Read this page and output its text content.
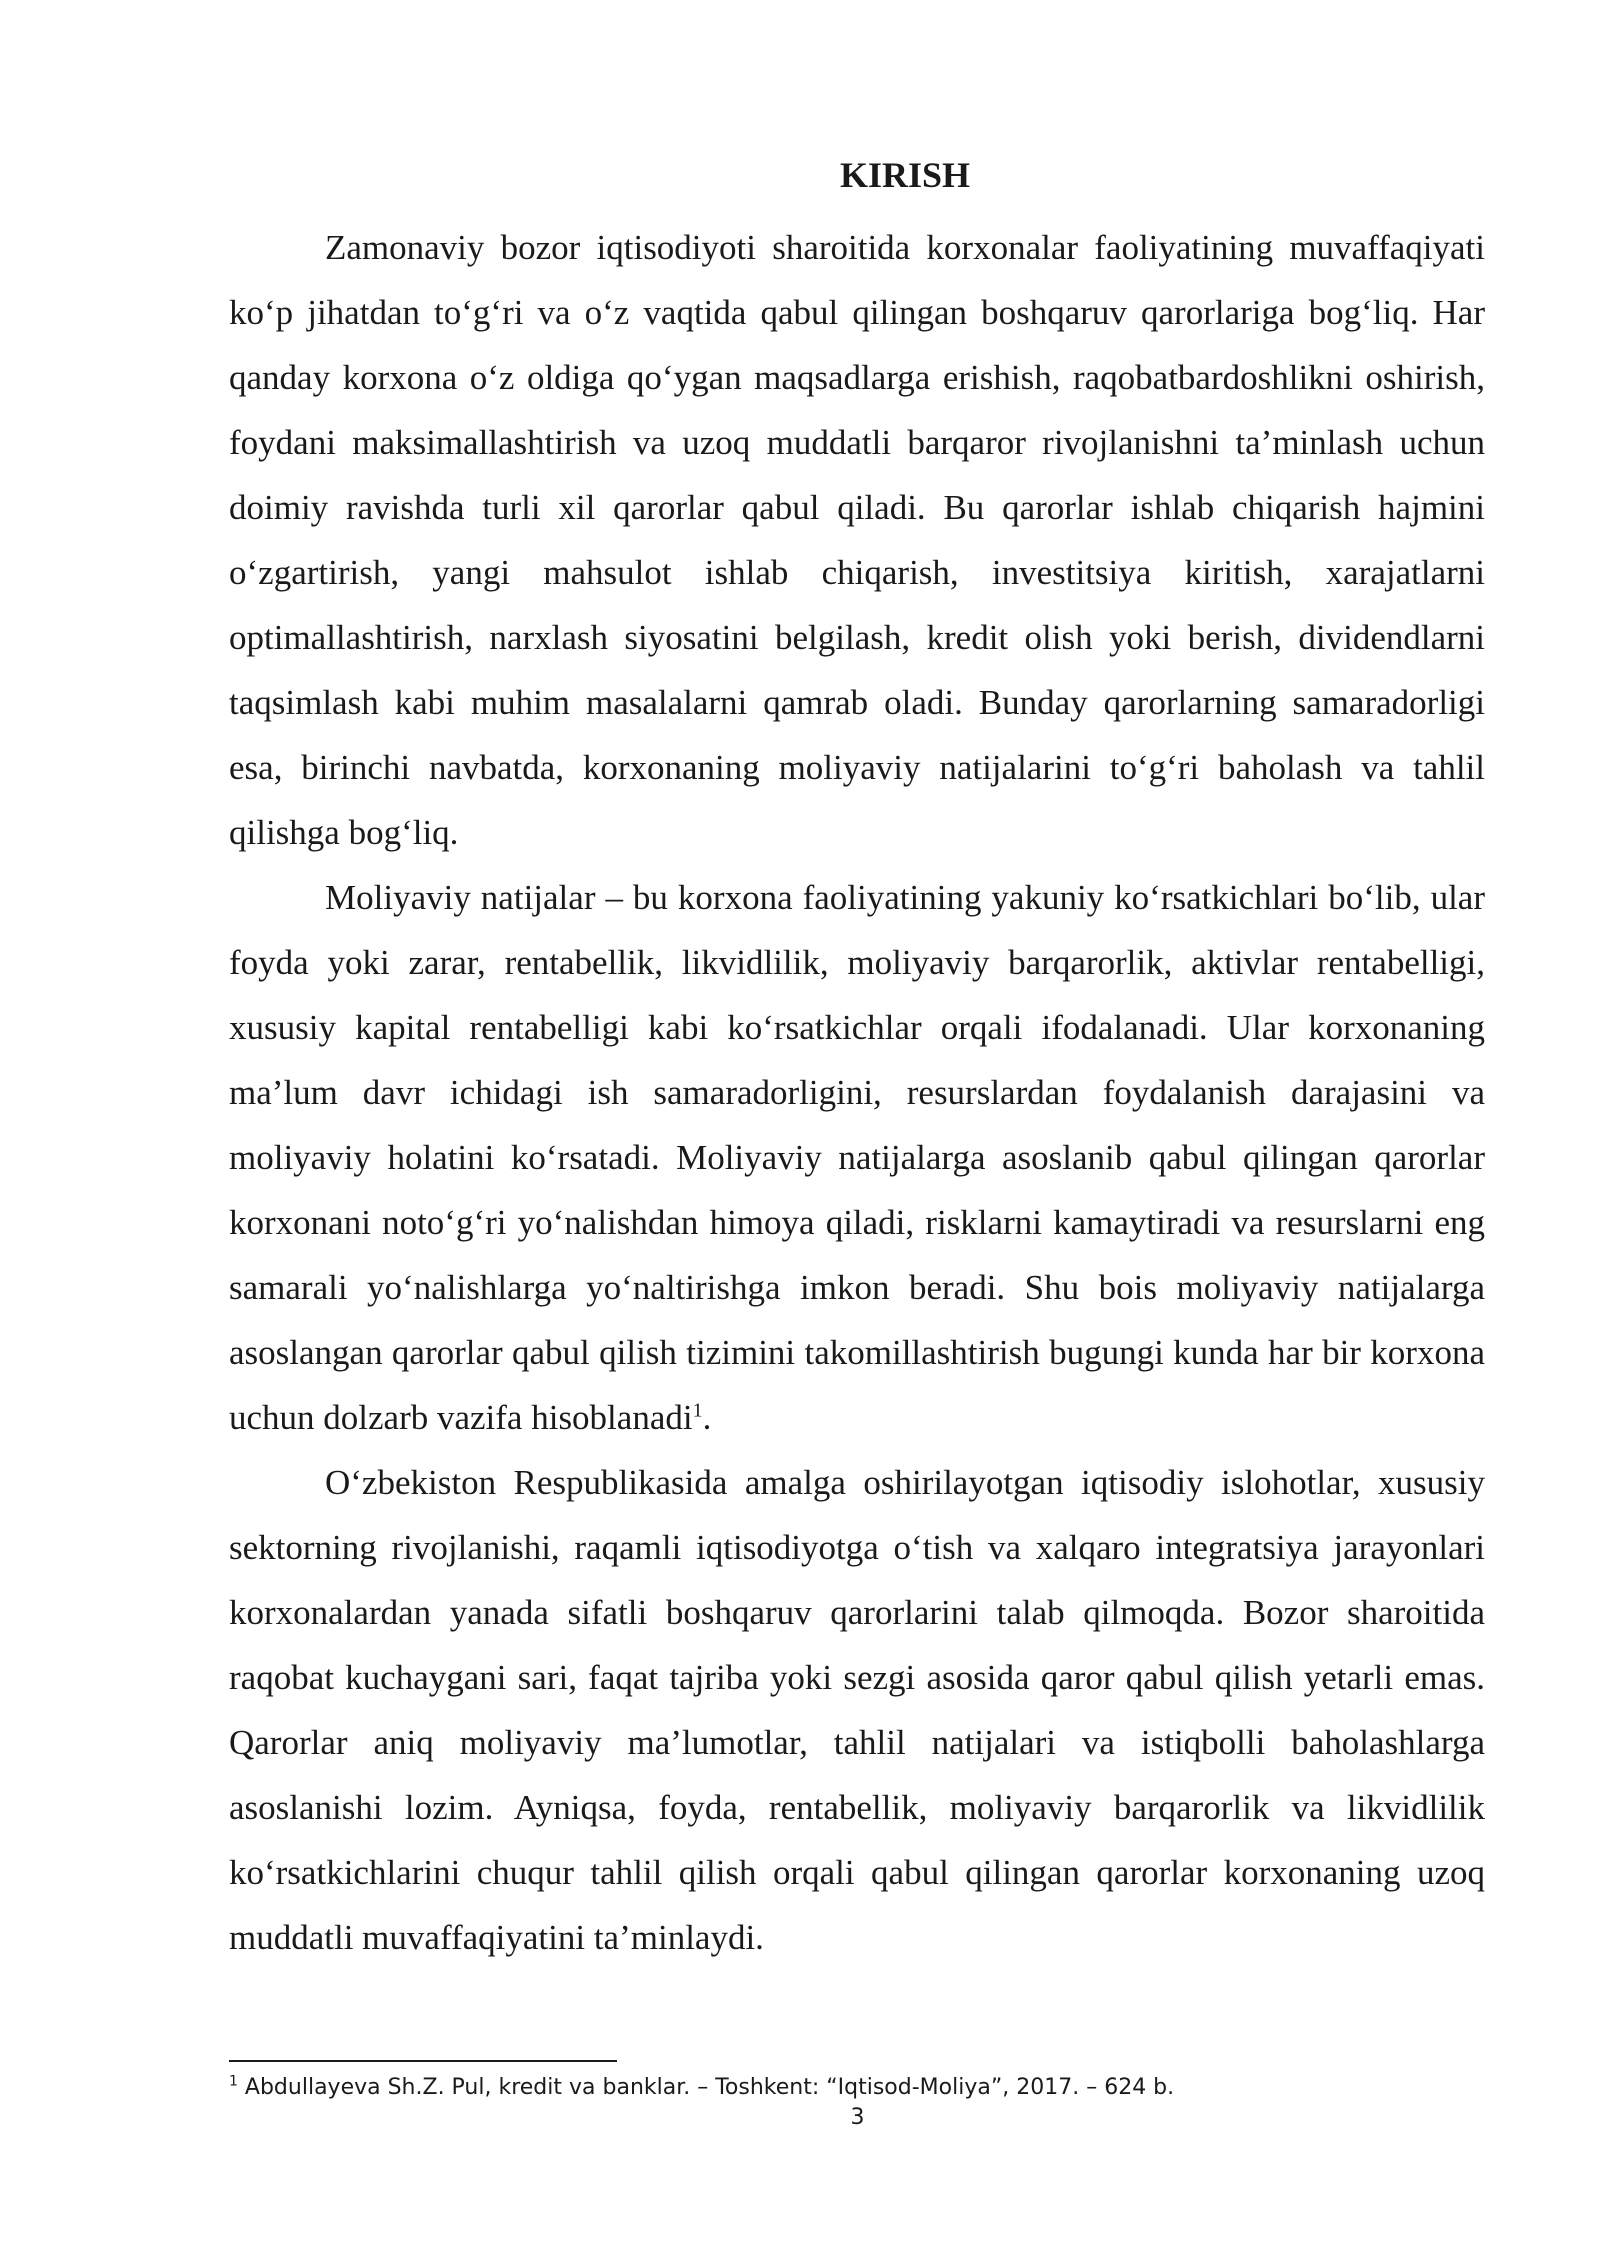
KIRISH

Zamonaviy bozor iqtisodiyoti sharoitida korxonalar faoliyatining muvaffaqiyati ko‘p jihatdan to‘g‘ri va o‘z vaqtida qabul qilingan boshqaruv qarorlariga bog‘liq. Har qanday korxona o‘z oldiga qo‘ygan maqsadlarga erishish, raqobatbardoshlikni oshirish, foydani maksimallashtirish va uzoq muddatli barqaror rivojlanishni ta’minlash uchun doimiy ravishda turli xil qarorlar qabul qiladi. Bu qarorlar ishlab chiqarish hajmini o‘zgartirish, yangi mahsulot ishlab chiqarish, investitsiya kiritish, xarajatlarni optimallashtirish, narxlash siyosatini belgilash, kredit olish yoki berish, dividendlarni taqsimlash kabi muhim masalalarni qamrab oladi. Bunday qarorlarning samaradorligi esa, birinchi navbatda, korxonaning moliyaviy natijalarini to‘g‘ri baholash va tahlil qilishga bog‘liq.

Moliyaviy natijalar – bu korxona faoliyatining yakuniy ko‘rsatkichlari bo‘lib, ular foyda yoki zarar, rentabellik, likvidlilik, moliyaviy barqarorlik, aktivlar rentabelligi, xususiy kapital rentabelligi kabi ko‘rsatkichlar orqali ifodalanadi. Ular korxonaning ma’lum davr ichidagi ish samaradorligini, resurslardan foydalanish darajasini va moliyaviy holatini ko‘rsatadi. Moliyaviy natijalarga asoslanib qabul qilingan qarorlar korxonani noto‘g‘ri yo‘nalishdan himoya qiladi, risklarni kamaytiradi va resurslarni eng samarali yo‘nalishlarga yo‘naltirishga imkon beradi. Shu bois moliyaviy natijalarga asoslangan qarorlar qabul qilish tizimini takomillashtirish bugungi kunda har bir korxona uchun dolzarb vazifa hisoblanadi$^1$.

O‘zbekiston Respublikasida amalga oshirilayotgan iqtisodiy islohotlar, xususiy sektorning rivojlanishi, raqamli iqtisodiyotga o‘tish va xalqaro integratsiya jarayonlari korxonalardan yanada sifatli boshqaruv qarorlarini talab qilmoqda. Bozor sharoitida raqobat kuchaygani sari, faqat tajriba yoki sezgi asosida qaror qabul qilish yetarli emas. Qarorlar aniq moliyaviy ma’lumotlar, tahlil natijalari va istiqbolli baholashlarga asoslanishi lozim. Ayniqsa, foyda, rentabellik, moliyaviy barqarorlik va likvidlilik ko‘rsatkichlarini chuqur tahlil qilish orqali qabul qilingan qarorlar korxonaning uzoq muddatli muvaffaqiyatini ta’minlaydi.

$^1$ Abdullayeva Sh.Z. Pul, kredit va banklar. – Toshkent: “Iqtisod-Moliya”, 2017. – 624 b.

3
